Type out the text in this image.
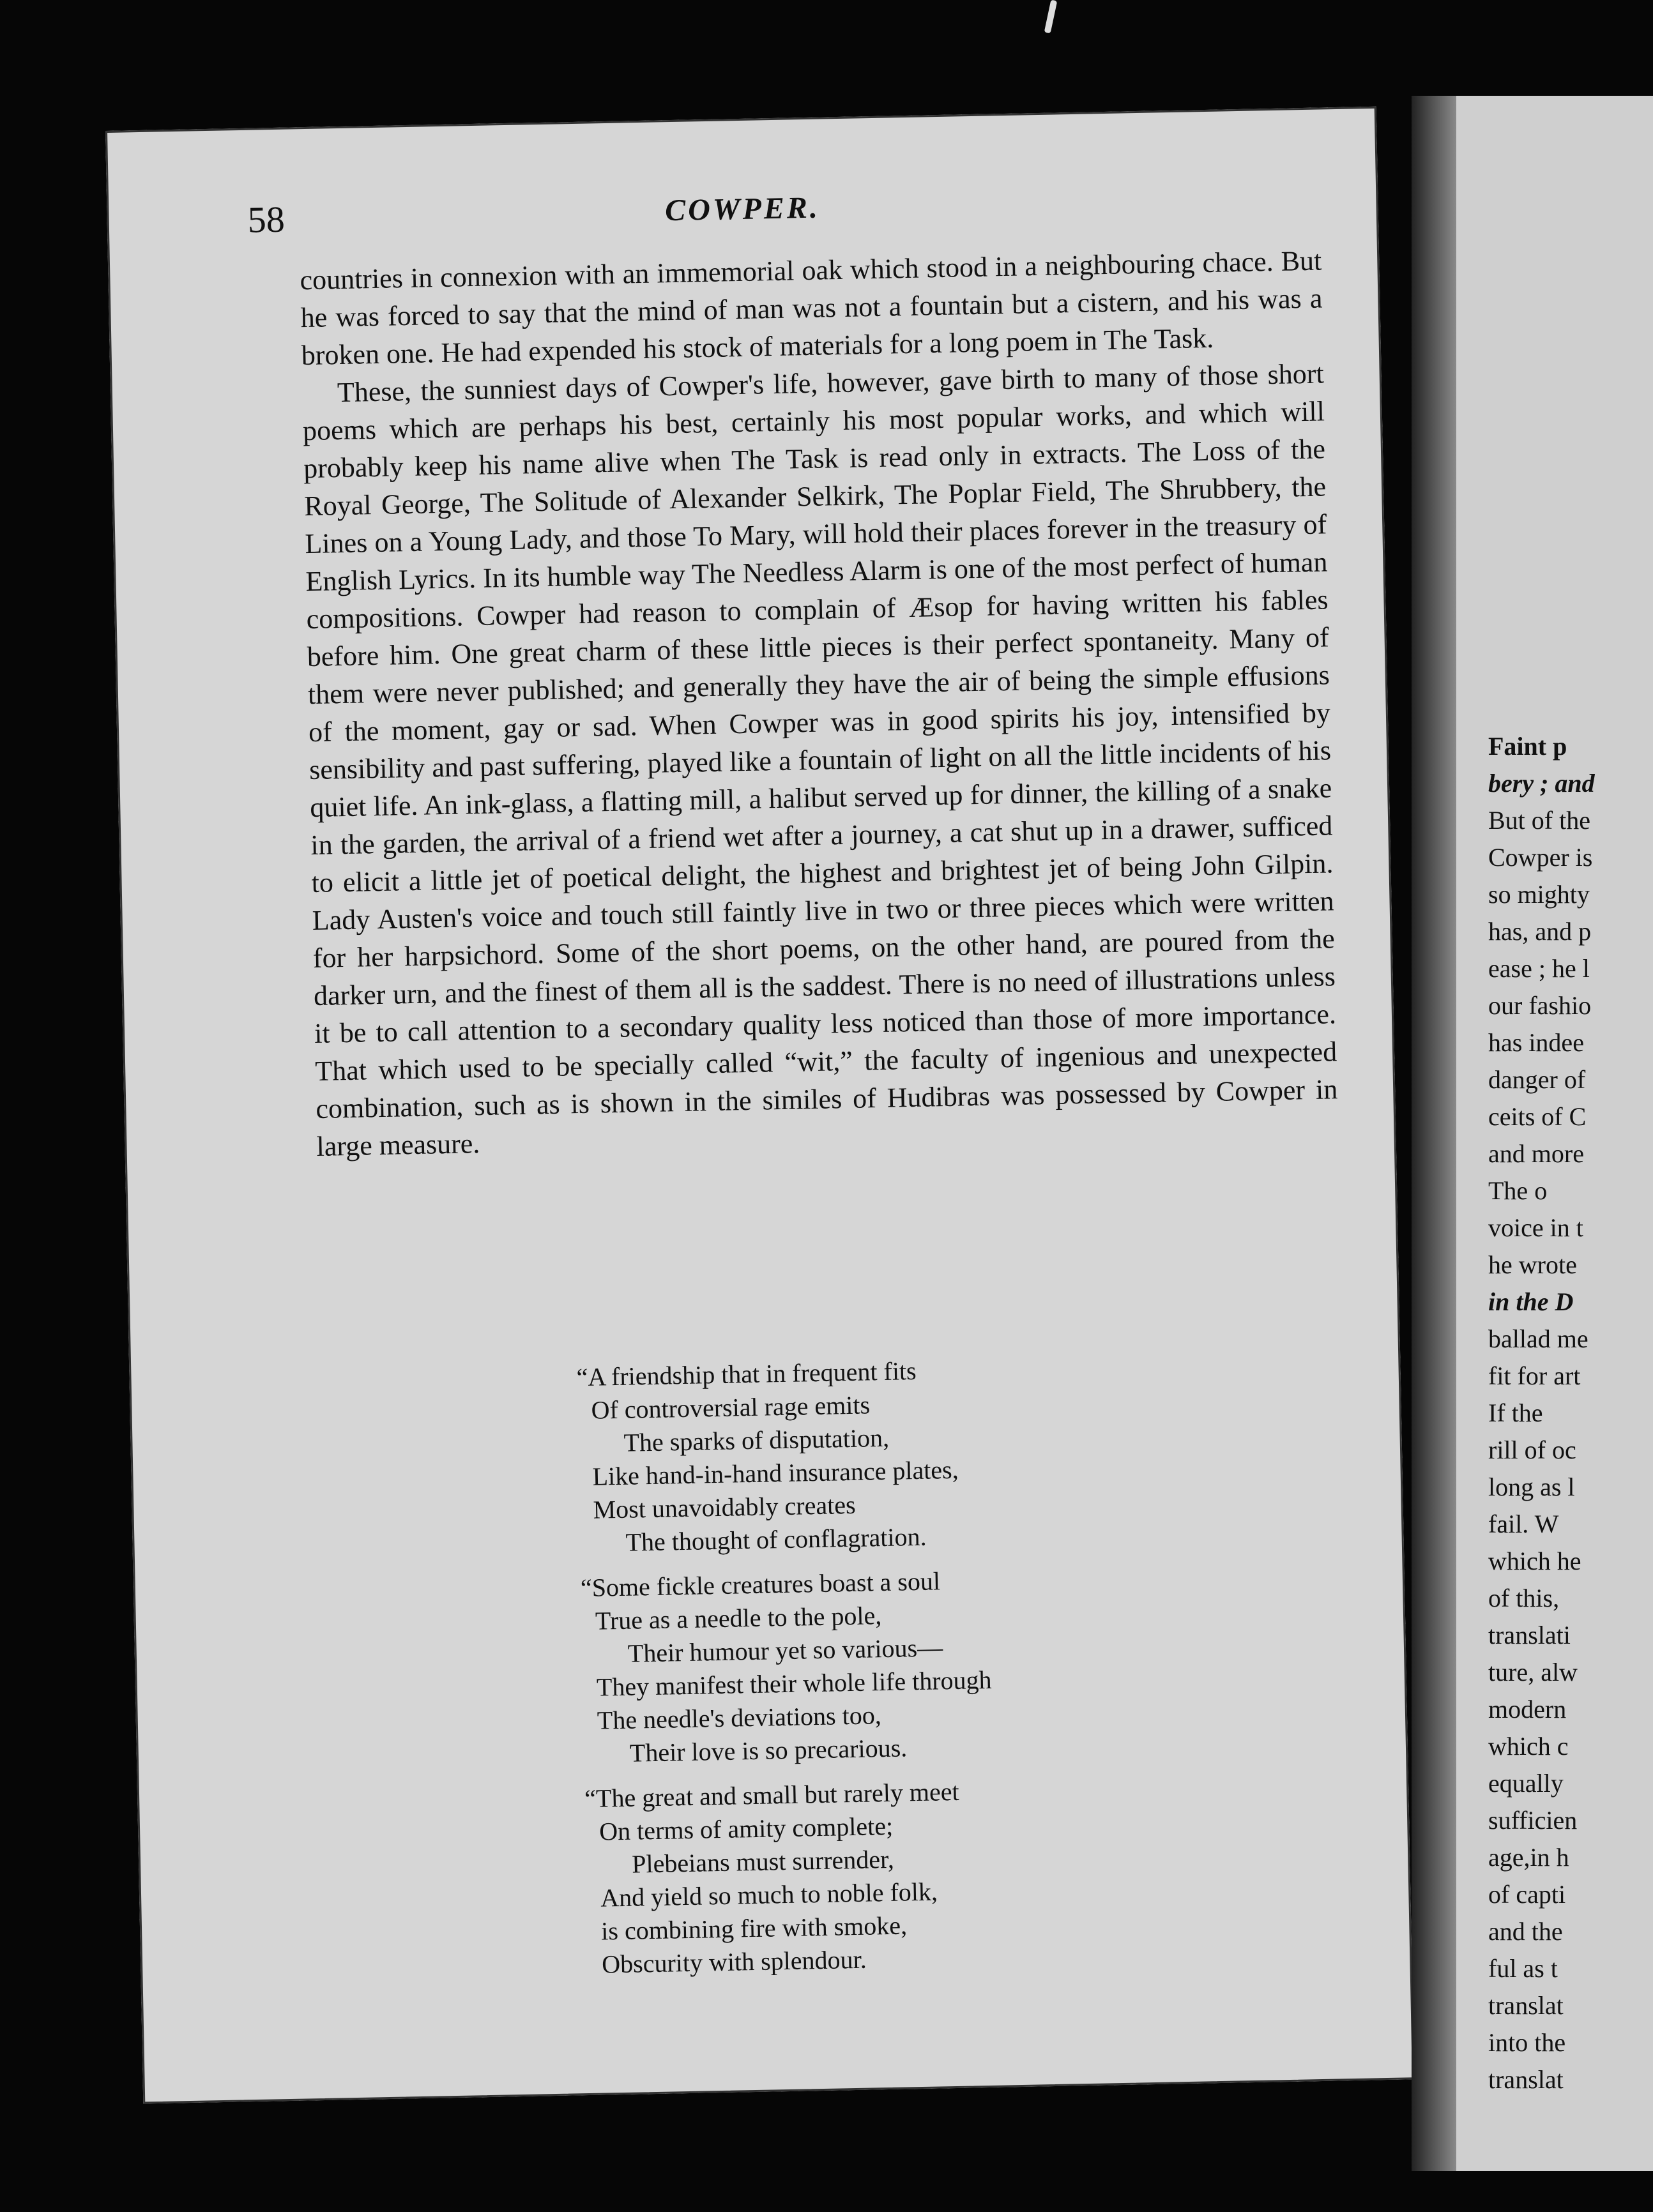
58	COWPER.

countries in connexion with an immemorial oak which stood in a neighbouring chace. But he was forced to say that the mind of man was not a fountain but a cistern, and his was a broken one. He had expended his stock of materials for a long poem in The Task.

These, the sunniest days of Cowper's life, however, gave birth to many of those short poems which are perhaps his best, certainly his most popular works, and which will probably keep his name alive when The Task is read only in extracts. The Loss of the Royal George, The Solitude of Alexander Selkirk, The Poplar Field, The Shrubbery, the Lines on a Young Lady, and those To Mary, will hold their places forever in the treasury of English Lyrics. In its humble way The Needless Alarm is one of the most perfect of human compositions. Cowper had reason to complain of Æsop for having written his fables before him. One great charm of these little pieces is their perfect spontaneity. Many of them were never published; and generally they have the air of being the simple effusions of the moment, gay or sad. When Cowper was in good spirits his joy, intensified by sensibility and past suffering, played like a fountain of light on all the little incidents of his quiet life. An ink-glass, a flatting mill, a halibut served up for dinner, the killing of a snake in the garden, the arrival of a friend wet after a journey, a cat shut up in a drawer, sufficed to elicit a little jet of poetical delight, the highest and brightest jet of being John Gilpin. Lady Austen's voice and touch still faintly live in two or three pieces which were written for her harpsichord. Some of the short poems, on the other hand, are poured from the darker urn, and the finest of them all is the saddest. There is no need of illustrations unless it be to call attention to a secondary quality less noticed than those of more importance. That which used to be specially called “wit,” the faculty of ingenious and unexpected combination, such as is shown in the similes of Hudibras was possessed by Cowper in large measure.

“A friendship that in frequent fits
Of controversial rage emits
The sparks of disputation,
Like hand-in-hand insurance plates,
Most unavoidably creates
The thought of conflagration.
“Some fickle creatures boast a soul
True as a needle to the pole,
Their humour yet so various—
They manifest their whole life through
The needle's deviations too,
Their love is so precarious.
“The great and small but rarely meet
On terms of amity complete;
Plebeians must surrender,
And yield so much to noble folk,
is combining fire with smoke,
Obscurity with splendour.
Faint p
bery ; and
But of the
Cowper is
so mighty
has, and p
ease ; he l
our fashio
has indee
danger of
ceits of C
and more
The o
voice in t
he wrote
in the D
ballad me
fit for art
If the
rill of oc
long as l
fail. W
which he
of this,
translati
ture, alw
modern
which c
equally
sufficien
age,in h
of capti
and the
ful as t
translat
into the
translat
